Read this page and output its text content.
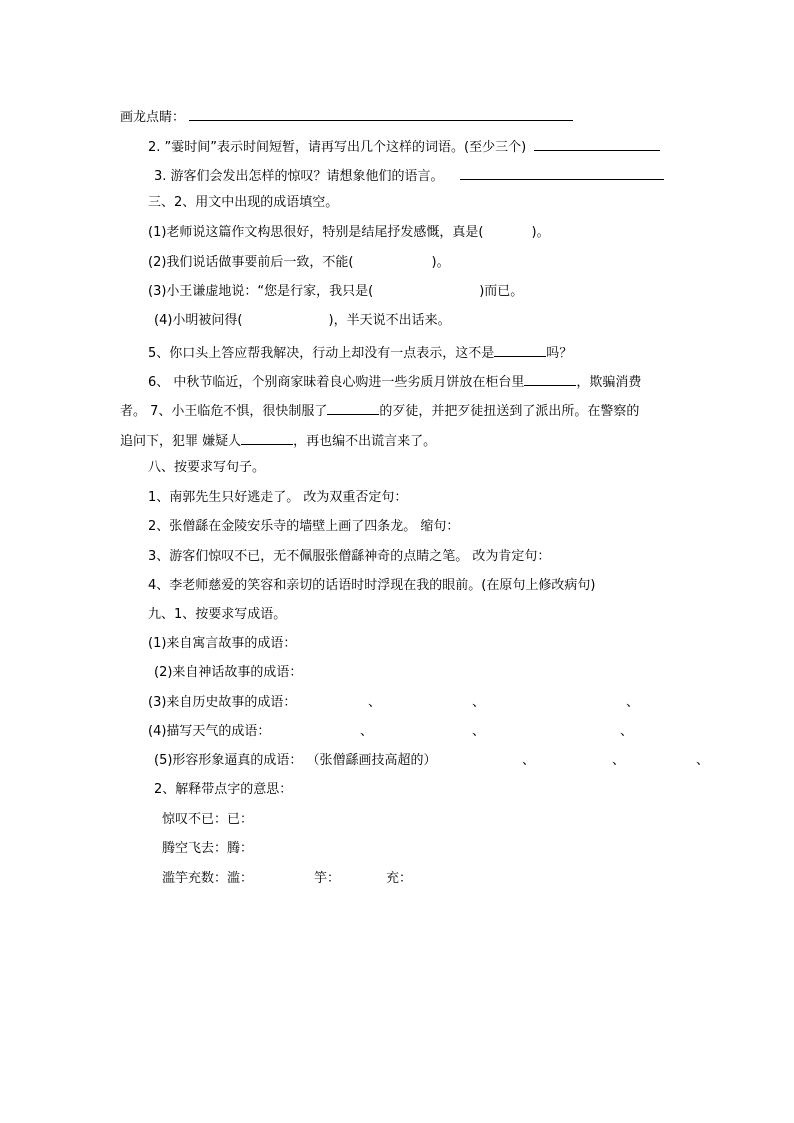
画龙点睛：
2. ”霎时间”表示时间短暂，请再写出几个这样的词语。(至少三个)
3. 游客们会发出怎样的惊叹？请想象他们的语言。
三、2、用文中出现的成语填空。
(1)老师说这篇作文构思很好，特别是结尾抒发感慨，真是(	)。
(2)我们说话做事要前后一致，不能(	)。
(3)小王谦虚地说：“您是行家，我只是(	)而已。
(4)小明被问得(	)，半天说不出话来。
5、你口头上答应帮我解决，行动上却没有一点表示，这不是	吗？
6、 中秋节临近，个别商家昧着良心购进一些劣质月饼放在柜台里	，欺骗消费
者。 7、小王临危不惧，很快制服了	的歹徒，并把歹徒扭送到了派出所。在警察的
追问下，犯罪 嫌疑人	，再也编不出谎言来了。
八、按要求写句子。
1、南郭先生只好逃走了。 改为双重否定句：
2、张僧繇在金陵安乐寺的墙壁上画了四条龙。 缩句：
3、游客们惊叹不已，无不佩服张僧繇神奇的点睛之笔。 改为肯定句：
4、李老师慈爱的笑容和亲切的话语时时浮现在我的眼前。(在原句上修改病句)
九、1、按要求写成语。
(1)来自寓言故事的成语：
(2)来自神话故事的成语：
(3)来自历史故事的成语：	、	、	、
(4)描写天气的成语：	、	、	、
(5)形容形象逼真的成语： （张僧繇画技高超的）	、	、	、
2、解释带点字的意思：
惊叹不已：已：
腾空飞去：腾：
滥竽充数：滥：	竽：	充：
